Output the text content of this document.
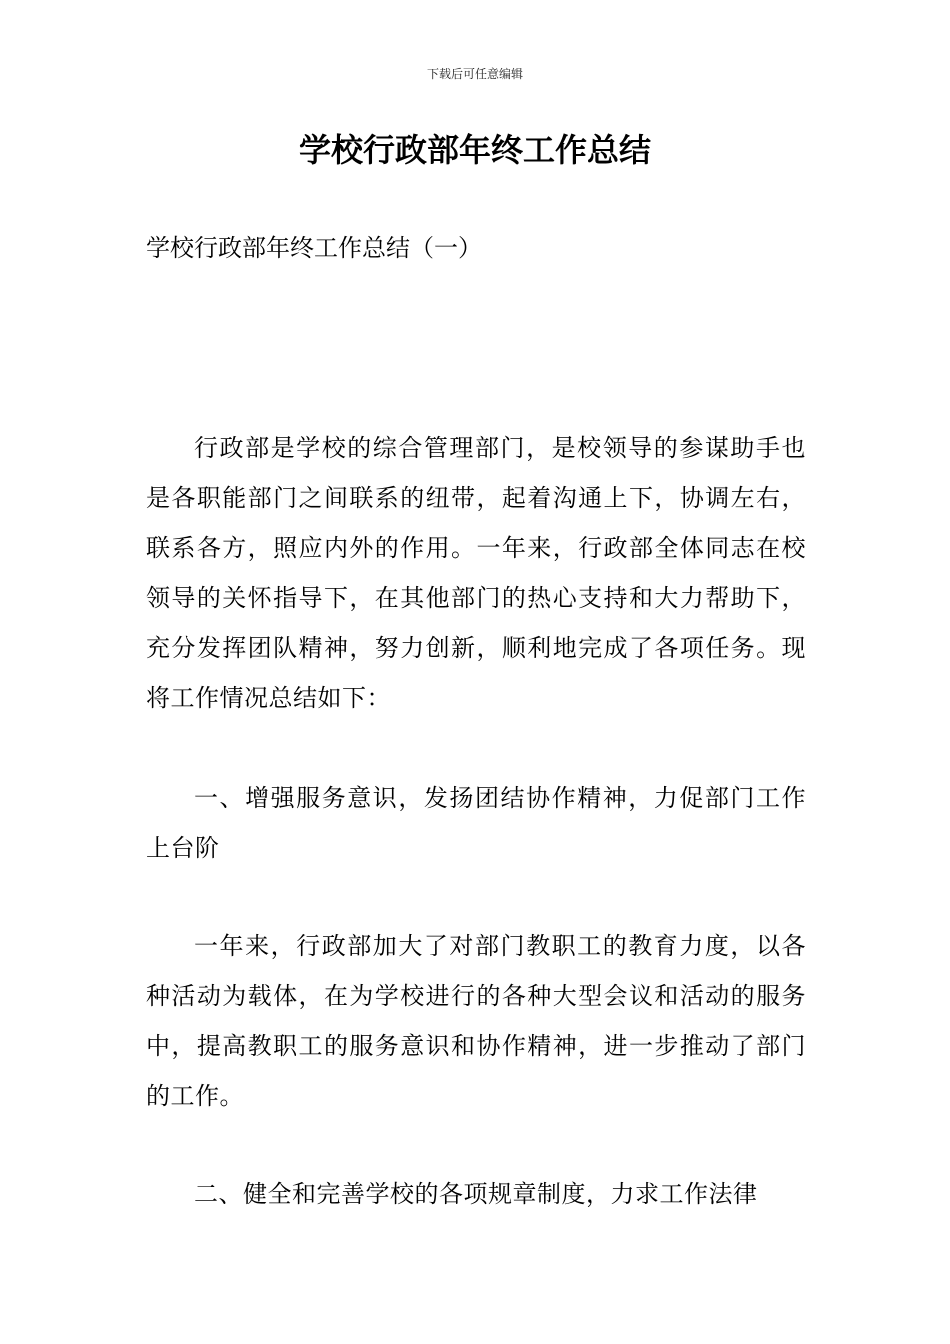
下载后可任意编辑
学校行政部年终工作总结

学校行政部年终工作总结（一）

行政部是学校的综合管理部门，是校领导的参谋助手也是各职能部门之间联系的纽带，起着沟通上下，协调左右，联系各方，照应内外的作用。一年来，行政部全体同志在校领导的关怀指导下，在其他部门的热心支持和大力帮助下，充分发挥团队精神，努力创新，顺利地完成了各项任务。现将工作情况总结如下：

一、增强服务意识，发扬团结协作精神，力促部门工作上台阶

一年来，行政部加大了对部门教职工的教育力度，以各种活动为载体，在为学校进行的各种大型会议和活动的服务中，提高教职工的服务意识和协作精神，进一步推动了部门的工作。

二、健全和完善学校的各项规章制度，力求工作法律
